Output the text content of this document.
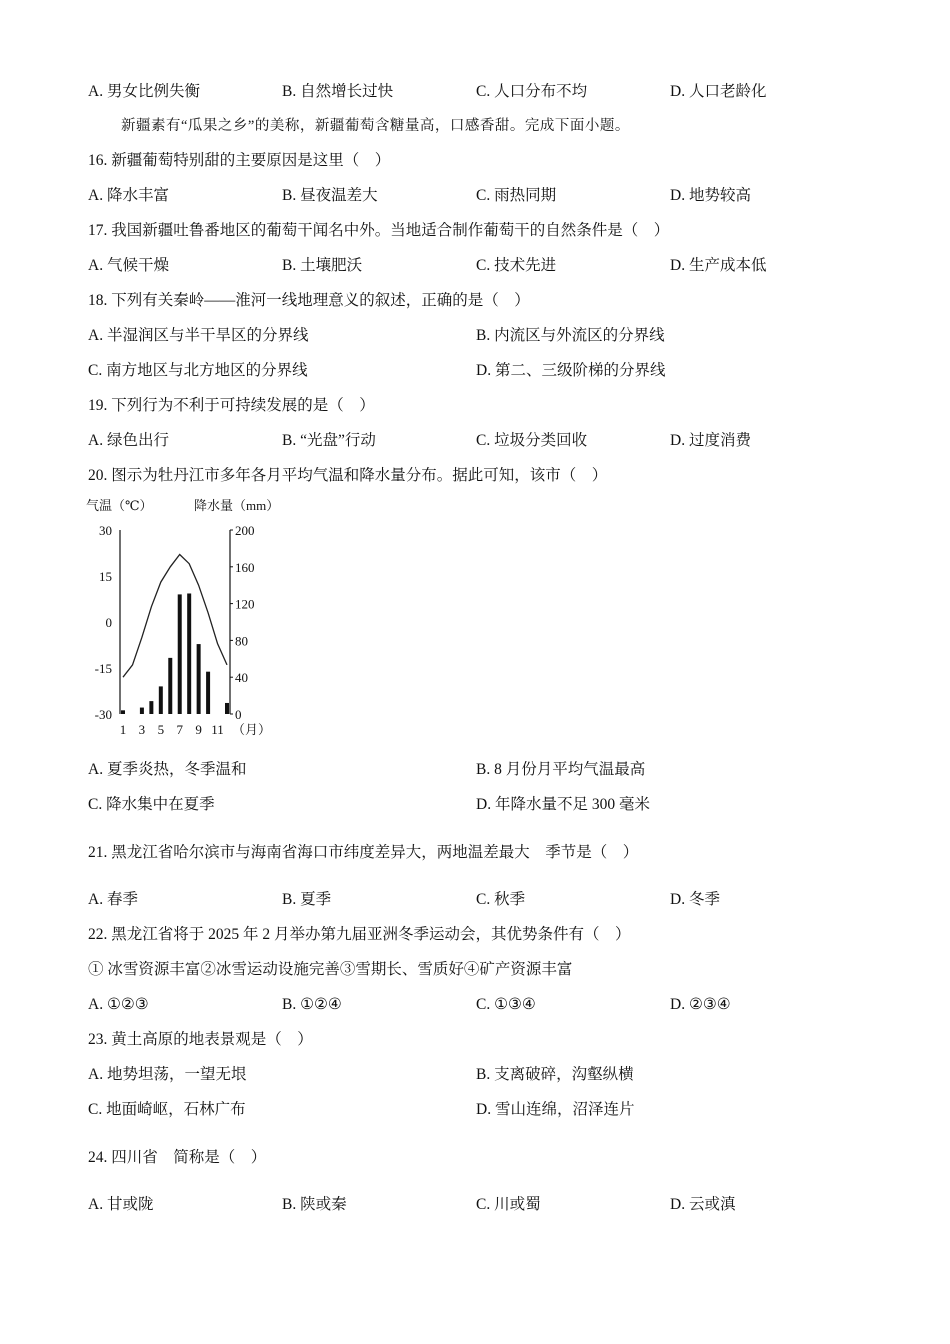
A. 男女比例失衡	B. 自然增长过快	C. 人口分布不均	D. 人口老龄化
新疆素有“瓜果之乡”的美称，新疆葡萄含糖量高，口感香甜。完成下面小题。
16. 新疆葡萄特别甜的主要原因是这里（　）
A. 降水丰富	B. 昼夜温差大	C. 雨热同期	D. 地势较高
17. 我国新疆吐鲁番地区的葡萄干闻名中外。当地适合制作葡萄干的自然条件是（　）
A. 气候干燥	B. 土壤肥沃	C. 技术先进	D. 生产成本低
18. 下列有关秦岭——淮河一线地理意义的叙述，正确的是（　）
A. 半湿润区与半干旱区的分界线	B. 内流区与外流区的分界线
C. 南方地区与北方地区的分界线	D. 第二、三级阶梯的分界线
19. 下列行为不利于可持续发展的是（　）
A. 绿色出行	B. “光盘”行动	C. 垃圾分类回收	D. 过度消费
20. 图示为牡丹江市多年各月平均气温和降水量分布。据此可知，该市（　）
气温（℃）	降水量（mm）
30
15
0
-15
-30
200
160
120
80
40
0
1 3 5 7 9 11 （月）
A. 夏季炎热，冬季温和	B. 8 月份月平均气温最高
C. 降水集中在夏季	D. 年降水量不足 300 毫米
21. 黑龙江省哈尔滨市与海南省海口市纬度差异大，两地温差最大　季节是（　）
A. 春季	B. 夏季	C. 秋季	D. 冬季
22. 黑龙江省将于 2025 年 2 月举办第九届亚洲冬季运动会，其优势条件有（　）
① 冰雪资源丰富②冰雪运动设施完善③雪期长、雪质好④矿产资源丰富
A. ①②③	B. ①②④	C. ①③④	D. ②③④
23. 黄土高原的地表景观是（　）
A. 地势坦荡，一望无垠	B. 支离破碎，沟壑纵横
C. 地面崎岖，石林广布	D. 雪山连绵，沼泽连片
24. 四川省　简称是（　）
A. 甘或陇	B. 陕或秦	C. 川或蜀	D. 云或滇
